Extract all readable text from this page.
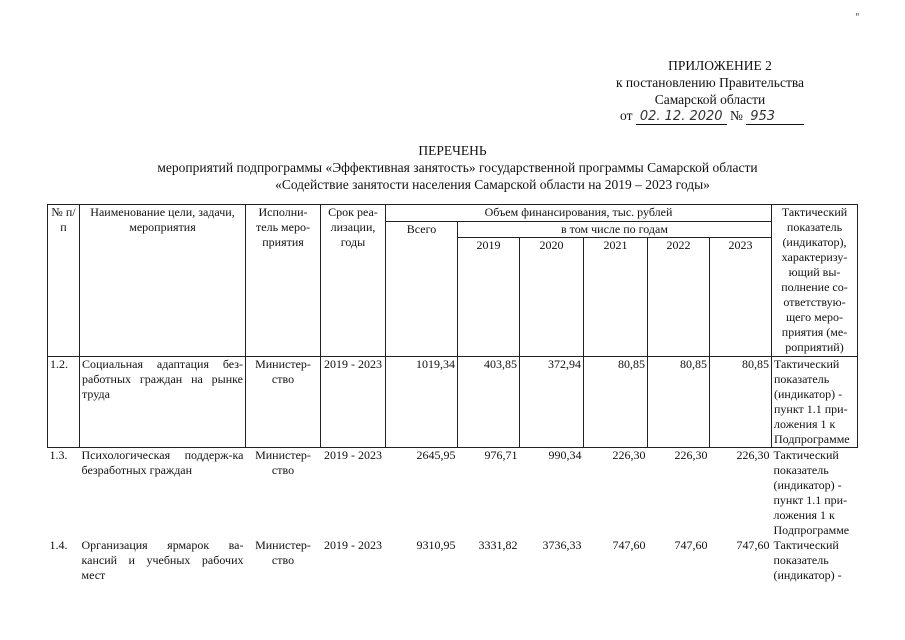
"
ПРИЛОЖЕНИЕ 2
к постановлению Правительства
Самарской области
от 02. 12. 2020 № 953
ПЕРЕЧЕНЬ
мероприятий подпрограммы «Эффективная занятость» государственной программы Самарской области
«Содействие занятости населения Самарской области на 2019 – 2023 годы»
№ п/п	Наименование цели, задачи, мероприятия	Исполни-тель меро-приятия	Срок реа-лизации, годы	Объем финансирования, тыс. рублей						Тактический показатель (индикатор), характеризу-ющий вы-полнение со-ответствую-щего меро-приятия (ме-роприятий)
				Всего	в том числе по годам					
					2019	2020	2021	2022	2023	
1.2.	Социальная адаптация без-работных граждан на рынке труда	Министер-ство	2019 - 2023	1019,34	403,85	372,94	80,85	80,85	80,85	Тактический показатель (индикатор) - пункт 1.1 при-ложения 1 к Подпрограмме
1.3.	Психологическая поддерж-ка безработных граждан	Министер-ство	2019 - 2023	2645,95	976,71	990,34	226,30	226,30	226,30	Тактический показатель (индикатор) - пункт 1.1 при-ложения 1 к Подпрограмме
1.4.	Организация ярмарок ва-кансий и учебных рабочих мест	Министер-ство	2019 - 2023	9310,95	3331,82	3736,33	747,60	747,60	747,60	Тактический показатель (индикатор) -
